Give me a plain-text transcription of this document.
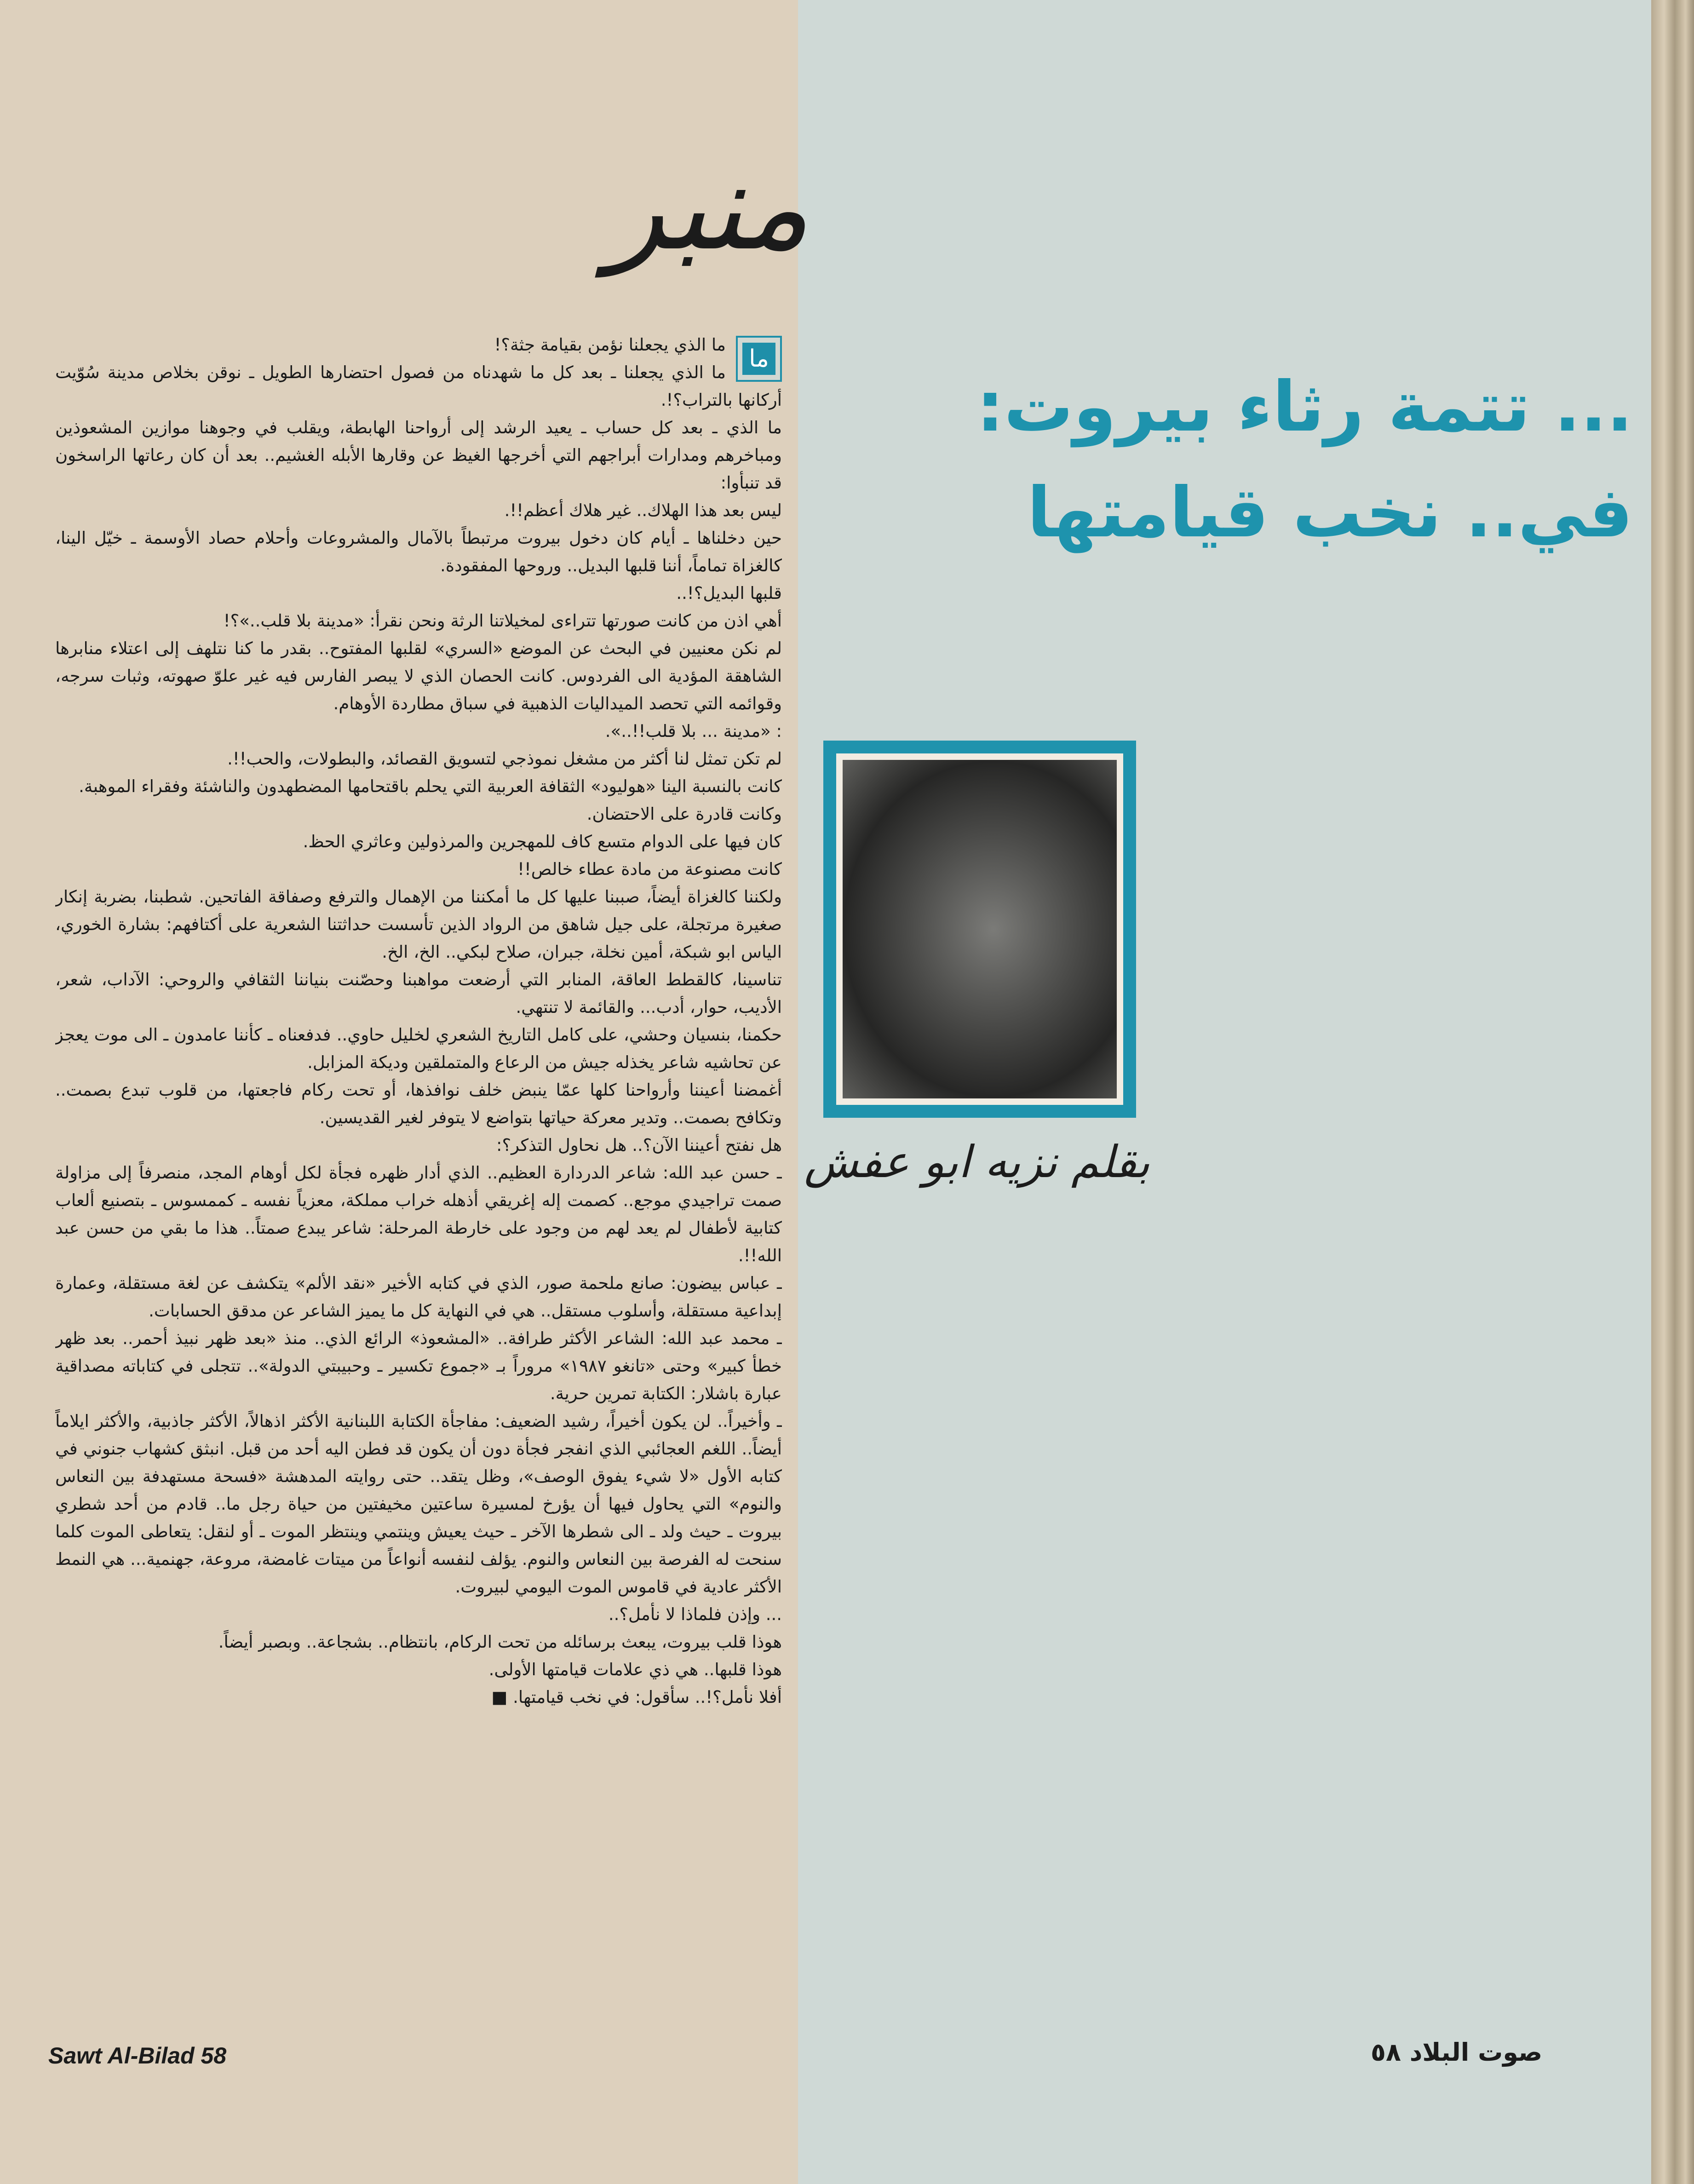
منبر
ما

ما الذي يجعلنا نؤمن بقيامة جثة؟!

ما الذي يجعلنا ـ بعد كل ما شهدناه من فصول احتضارها الطويل ـ نوقن بخلاص مدينة سُوّيت أركانها بالتراب؟!.

ما الذي ـ بعد كل حساب ـ يعيد الرشد إلى أرواحنا الهابطة، ويقلب في وجوهنا موازين المشعوذين ومباخرهم ومدارات أبراجهم التي أخرجها الغيظ عن وقارها الأبله الغشيم.. بعد أن كان رعاتها الراسخون قد تنبأوا:

ليس بعد هذا الهلاك.. غير هلاك أعظم!!.

حين دخلناها ـ أيام كان دخول بيروت مرتبطاً بالآمال والمشروعات وأحلام حصاد الأوسمة ـ خيّل الينا، كالغزاة تماماً، أننا قلبها البديل.. وروحها المفقودة.

قلبها البديل؟!..

أهي اذن من كانت صورتها تتراءى لمخيلاتنا الرثة ونحن نقرأ: «مدينة بلا قلب..»؟!

لم نكن معنيين في البحث عن الموضع «السري» لقلبها المفتوح.. بقدر ما كنا نتلهف إلى اعتلاء منابرها الشاهقة المؤدية الى الفردوس. كانت الحصان الذي لا يبصر الفارس فيه غير علوّ صهوته، وثبات سرجه، وقوائمه التي تحصد الميداليات الذهبية في سباق مطاردة الأوهام.

: «مدينة ... بلا قلب!!..».

لم تكن تمثل لنا أكثر من مشغل نموذجي لتسويق القصائد، والبطولات، والحب!!.

كانت بالنسبة الينا «هوليود» الثقافة العربية التي يحلم باقتحامها المضطهدون والناشئة وفقراء الموهبة.

وكانت قادرة على الاحتضان.

كان فيها على الدوام متسع كاف للمهجرين والمرذولين وعاثري الحظ.

كانت مصنوعة من مادة عطاء خالص!!

ولكننا كالغزاة أيضاً، صببنا عليها كل ما أمكننا من الإهمال والترفع وصفاقة الفاتحين. شطبنا، بضربة إنكار صغيرة مرتجلة، على جيل شاهق من الرواد الذين تأسست حداثتنا الشعرية على أكتافهم: بشارة الخوري، الياس ابو شبكة، أمين نخلة، جبران، صلاح لبكي.. الخ، الخ.

تناسينا، كالقطط العاقة، المنابر التي أرضعت مواهبنا وحصّنت بنياننا الثقافي والروحي: الآداب، شعر، الأديب، حوار، أدب... والقائمة لا تنتهي.

حكمنا، بنسيان وحشي، على كامل التاريخ الشعري لخليل حاوي.. فدفعناه ـ كأننا عامدون ـ الى موت يعجز عن تحاشيه شاعر يخذله جيش من الرعاع والمتملقين وديكة المزابل.

أغمضنا أعيننا وأرواحنا كلها عمّا ينبض خلف نوافذها، أو تحت ركام فاجعتها، من قلوب تبدع بصمت.. وتكافح بصمت.. وتدير معركة حياتها بتواضع لا يتوفر لغير القديسين.

هل نفتح أعيننا الآن؟.. هل نحاول التذكر؟:

ـ حسن عبد الله: شاعر الدردارة العظيم.. الذي أدار ظهره فجأة لكل أوهام المجد، منصرفاً إلى مزاولة صمت تراجيدي موجع.. كصمت إله إغريقي أذهله خراب مملكة، معزياً نفسه ـ كممسوس ـ بتصنيع ألعاب كتابية لأطفال لم يعد لهم من وجود على خارطة المرحلة: شاعر يبدع صمتاً.. هذا ما بقي من حسن عبد الله!!.

ـ عباس بيضون: صانع ملحمة صور، الذي في كتابه الأخير «نقد الألم» يتكشف عن لغة مستقلة، وعمارة إبداعية مستقلة، وأسلوب مستقل.. هي في النهاية كل ما يميز الشاعر عن مدقق الحسابات.

ـ محمد عبد الله: الشاعر الأكثر طرافة.. «المشعوذ» الرائع الذي.. منذ «بعد ظهر نبيذ أحمر.. بعد ظهر خطأ كبير» وحتى «تانغو ١٩٨٧» مروراً بـ «جموع تكسير ـ وحبيبتي الدولة».. تتجلى في كتاباته مصداقية عبارة باشلار: الكتابة تمرين حرية.

ـ وأخيراً.. لن يكون أخيراً، رشيد الضعيف: مفاجأة الكتابة اللبنانية الأكثر اذهالاً، الأكثر جاذبية، والأكثر ايلاماً أيضاً.. اللغم العجائبي الذي انفجر فجأة دون أن يكون قد فطن اليه أحد من قبل. انبثق كشهاب جنوني في كتابه الأول «لا شيء يفوق الوصف»، وظل يتقد.. حتى روايته المدهشة «فسحة مستهدفة بين النعاس والنوم» التي يحاول فيها أن يؤرخ لمسيرة ساعتين مخيفتين من حياة رجل ما.. قادم من أحد شطري بيروت ـ حيث ولد ـ الى شطرها الآخر ـ حيث يعيش وينتمي وينتظر الموت ـ أو لنقل: يتعاطى الموت كلما سنحت له الفرصة بين النعاس والنوم. يؤلف لنفسه أنواعاً من ميتات غامضة، مروعة، جهنمية... هي النمط الأكثر عادية في قاموس الموت اليومي لبيروت.

... وإذن فلماذا لا نأمل؟..

هوذا قلب بيروت، يبعث برسائله من تحت الركام، بانتظام.. بشجاعة.. وبصبر أيضاً.

هوذا قلبها.. هي ذي علامات قيامتها الأولى.

أفلا نأمل؟!.. سأقول: في نخب قيامتها. ■

... تتمة رثاء بيروت:
في.. نخب قيامتها
بقلم نزيه ابو عفش
Sawt Al-Bilad 58	صوت البلاد ٥٨
